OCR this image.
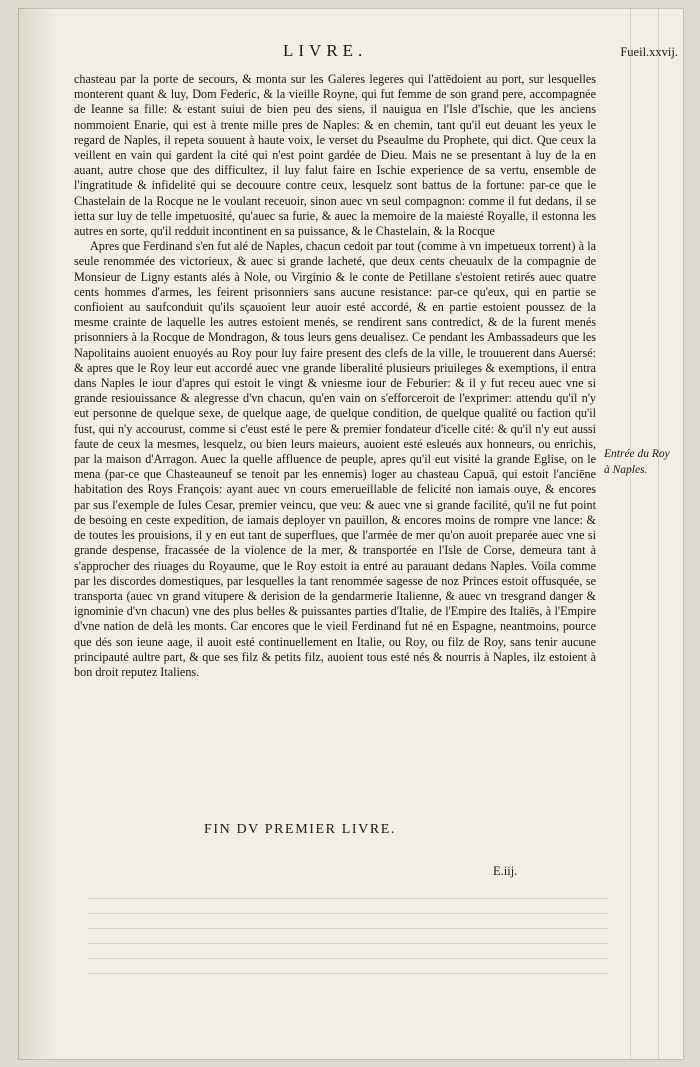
LIVRE.	Fueil.xxvij.

chasteau par la porte de secours, & monta sur les Galeres legeres qui l'attēdoient au port, sur lesquelles monterent quant & luy, Dom Federic, & la vieille Royne, qui fut femme de son grand pere, accompagnée de Ieanne sa fille: & estant suiui de bien peu des siens, il nauigua en l'Isle d'Ischie, que les anciens nommoient Enarie, qui est à trente mille pres de Naples: & en chemin, tant qu'il eut deuant les yeux le regard de Naples, il repeta souuent à haute voix, le verset du Pseaulme du Prophete, qui dict. Que ceux la veillent en vain qui gardent la cité qui n'est point gardée de Dieu. Mais ne se presentant à luy de la en auant, autre chose que des difficultez, il luy falut faire en Ischie experience de sa vertu, ensemble de l'ingratitude & infidelité qui se decouure contre ceux, lesquelz sont battus de la fortune: par-ce que le Chastelain de la Rocque ne le voulant receuoir, sinon auec vn seul compagnon: comme il fut dedans, il se ietta sur luy de telle impetuosité, qu'auec sa furie, & auec la memoire de la maiesté Royalle, il estonna les autres en sorte, qu'il redduit incontinent en sa puissance, & le Chastelain, & la Rocque

Apres que Ferdinand s'en fut alé de Naples, chacun cedoit par tout (comme à vn impetueux torrent) à la seule renommée des victorieux, & auec si grande lacheté, que deux cents cheuaulx de la compagnie de Monsieur de Ligny estants alés à Nole, ou Virginio & le conte de Petillane s'estoient retirés auec quatre cents hommes d'armes, les feirent prisonniers sans aucune resistance: par-ce qu'eux, qui en partie se confioient au saufconduit qu'ils sçauoient leur auoir esté accordé, & en partie estoient poussez de la mesme crainte de laquelle les autres estoient menés, se rendirent sans contredict, & de la furent menés prisonniers à la Rocque de Mondragon, & tous leurs gens deualisez. Ce pendant les Ambassadeurs que les Napolitains auoient enuoyés au Roy pour luy faire present des clefs de la ville, le trouuerent dans Auersé: & apres que le Roy leur eut accordé auec vne grande liberalité plusieurs priuileges & exemptions, il entra dans Naples le iour d'apres qui estoit le vingt & vniesme iour de Feburier: & il y fut receu auec vne si grande resiouissance & alegresse d'vn chacun, qu'en vain on s'efforceroit de l'exprimer: attendu qu'il n'y eut personne de quelque sexe, de quelque aage, de quelque condition, de quelque qualité ou faction qu'il fust, qui n'y accourust, comme si c'eust esté le pere & premier fondateur d'icelle cité: & qu'il n'y eut aussi faute de ceux la mesmes, lesquelz, ou bien leurs maieurs, auoient esté esleués aux honneurs, ou enrichis, par la maison d'Arragon. Auec la quelle affluence de peuple, apres qu'il eut visité la grande Eglise, on le mena (par-ce que Chasteauneuf se tenoit par les ennemis) loger au chasteau Capuā, qui estoit l'anciēne habitation des Roys François: ayant auec vn cours emerueillable de felicité non iamais ouye, & encores par sus l'exemple de Iules Cesar, premier veincu, que veu: & auec vne si grande facilité, qu'il ne fut point de besoing en ceste expedition, de iamais deployer vn pauillon, & encores moins de rompre vne lance: & de toutes les prouisions, il y en eut tant de superflues, que l'armée de mer qu'on auoit preparée auec vne si grande despense, fracassée de la violence de la mer, & transportée en l'Isle de Corse, demeura tant à s'approcher des riuages du Royaume, que le Roy estoit ia entré au parauant dedans Naples. Voila comme par les discordes domestiques, par lesquelles la tant renommée sagesse de noz Princes estoit offusquée, se transporta (auec vn grand vitupere & derision de la gendarmerie Italienne, & auec vn tresgrand danger & ignominie d'vn chacun) vne des plus belles & puissantes parties d'Italie, de l'Empire des Italiēs, à l'Empire d'vne nation de delà les monts. Car encores que le vieil Ferdinand fut né en Espagne, neantmoins, pource que dés son ieune aage, il auoit esté continuellement en Italie, ou Roy, ou filz de Roy, sans tenir aucune principauté aultre part, & que ses filz & petits filz, auoient tous esté nés & nourris à Naples, ilz estoient à bon droit reputez Italiens.

Entrée du Roy à Naples.
FIN DV PREMIER LIVRE.
E.iij.
